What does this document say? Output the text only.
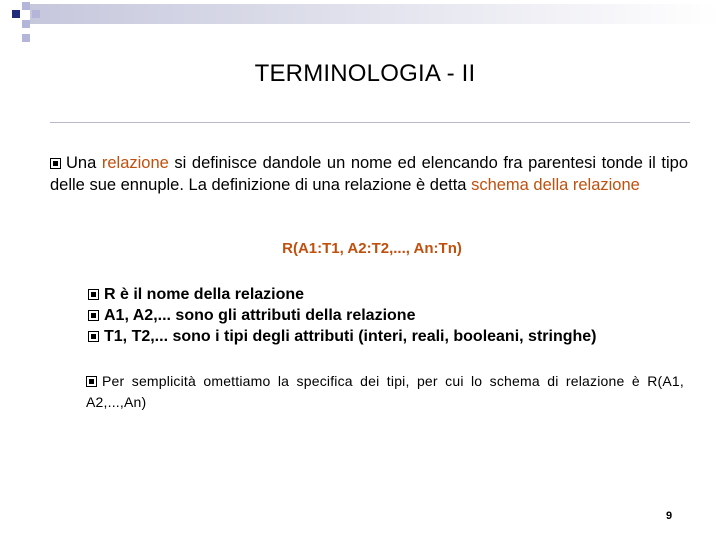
TERMINOLOGIA - II
Una relazione si definisce dandole un nome ed elencando fra parentesi tonde il tipo delle sue ennuple. La definizione di una relazione è detta schema della relazione
R(A1:T1, A2:T2,..., An:Tn)
R è il nome della relazione
A1, A2,... sono gli attributi della relazione
T1, T2,... sono i tipi degli attributi (interi, reali, booleani, stringhe)
Per semplicità omettiamo la specifica dei tipi, per cui lo schema di relazione è R(A1, A2,...,An)
9
